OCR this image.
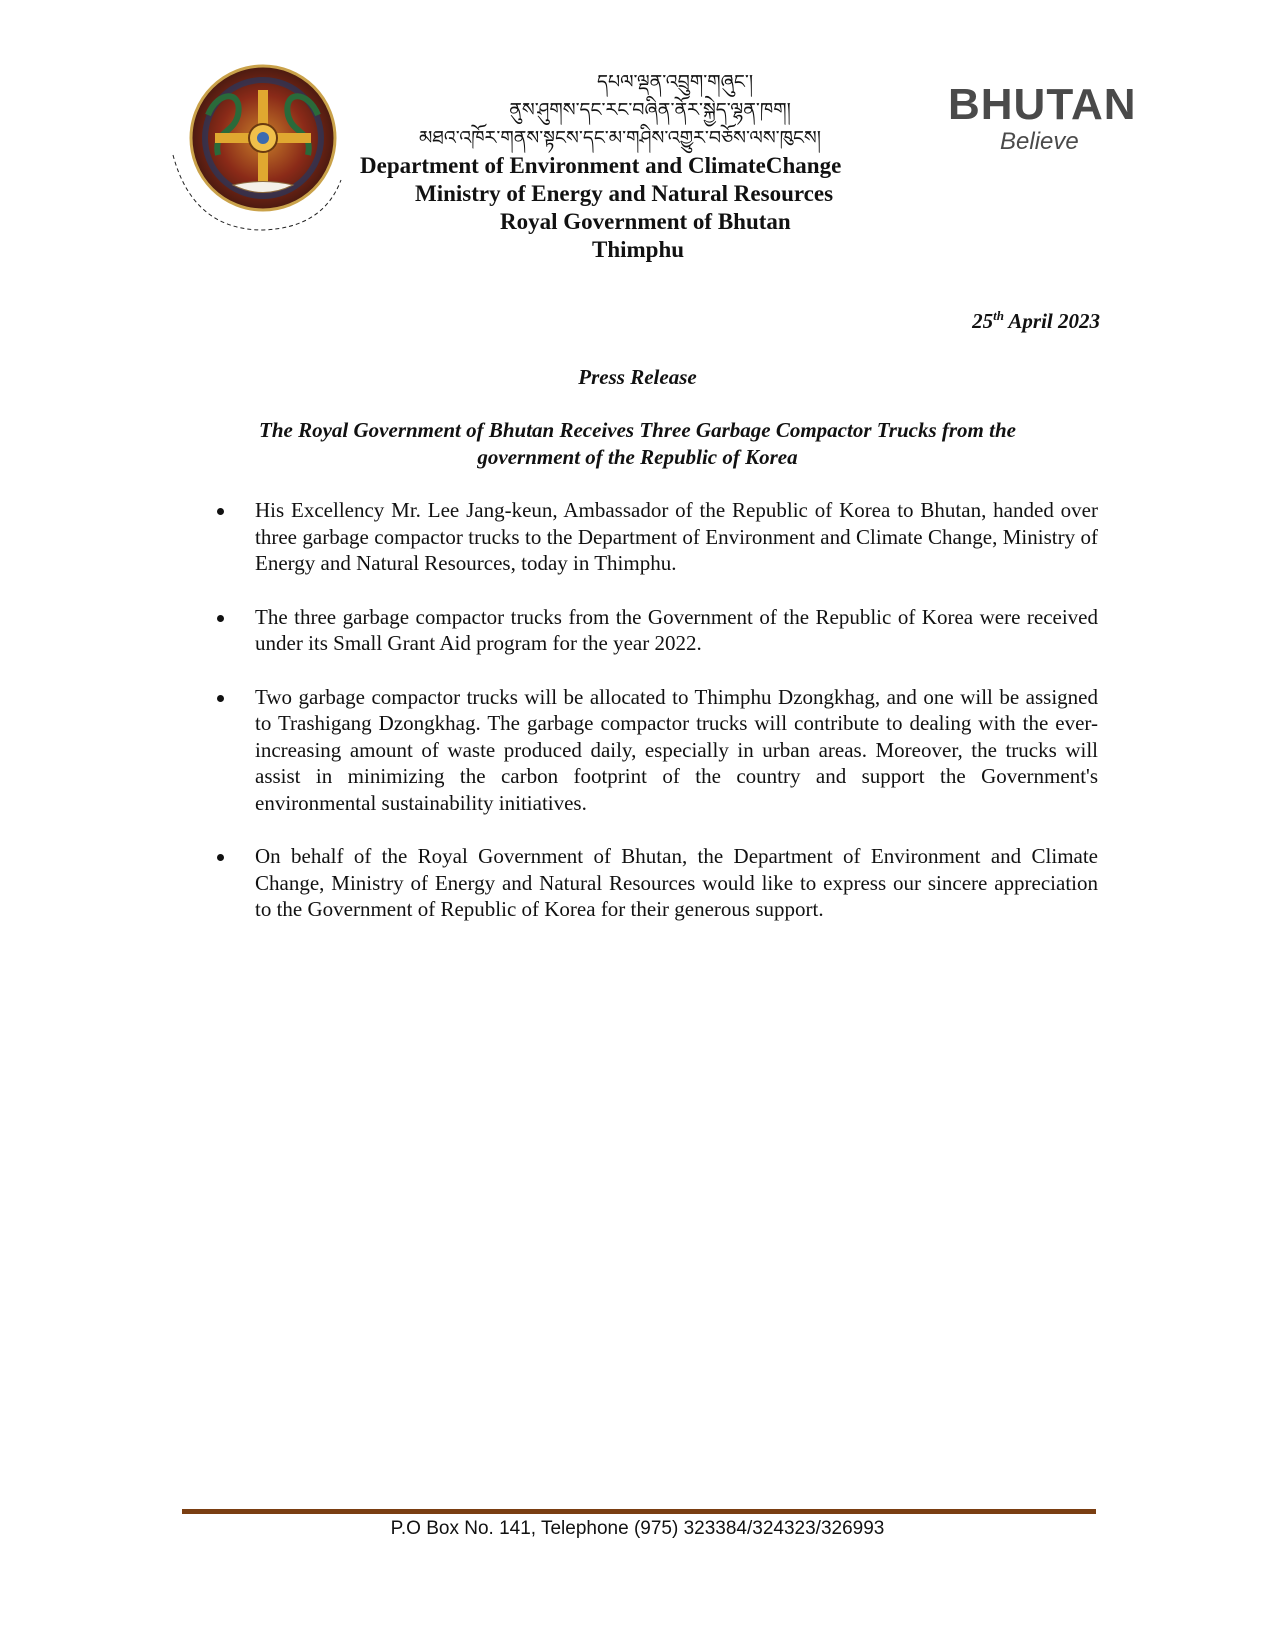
དཔལ་ལྡན་འབྲུག་གཞུང་།
ནུས་ཤུགས་དང་རང་བཞིན་ནོར་སྐྱེད་ལྷན་ཁག།
མཐའ་འཁོར་གནས་སྟངས་དང་མ་གཤིས་འགྱུར་བཅོས་ལས་ཁུངས།
Department of Environment and ClimateChange
Ministry of Energy and Natural Resources
Royal Government of Bhutan
Thimphu
BHUTAN
Believe
25th April 2023
Press Release
The Royal Government of Bhutan Receives Three Garbage Compactor Trucks from the
government of the Republic of Korea
His Excellency Mr. Lee Jang-keun, Ambassador of the Republic of Korea to Bhutan, handed over three garbage compactor trucks to the Department of Environment and Climate Change, Ministry of Energy and Natural Resources, today in Thimphu.
The three garbage compactor trucks from the Government of the Republic of Korea were received under its Small Grant Aid program for the year 2022.
Two garbage compactor trucks will be allocated to Thimphu Dzongkhag, and one will be assigned to Trashigang Dzongkhag. The garbage compactor trucks will contribute to dealing with the ever-increasing amount of waste produced daily, especially in urban areas. Moreover, the trucks will assist in minimizing the carbon footprint of the country and support the Government's environmental sustainability initiatives.
On behalf of the Royal Government of Bhutan, the Department of Environment and Climate Change, Ministry of Energy and Natural Resources would like to express our sincere appreciation to the Government of Republic of Korea for their generous support.
P.O Box No. 141, Telephone (975) 323384/324323/326993
